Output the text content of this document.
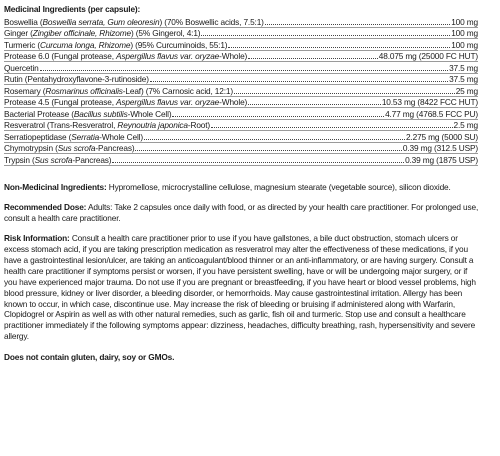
Medicinal Ingredients (per capsule):
Boswellia (Boswellia serrata, Gum oleoresin) (70% Boswellic acids, 7.5:1)	100 mg
Ginger (Zingiber officinale, Rhizome) (5% Gingerol, 4:1)	100 mg
Turmeric (Curcuma longa, Rhizome) (95% Curcuminoids, 55:1)	100 mg
Protease 6.0 (Fungal protease, Aspergillus flavus var. oryzae-Whole)	48.075 mg (25000 FC HUT)
Quercetin	37.5 mg
Rutin (Pentahydroxyflavone-3-rutinoside)	37.5 mg
Rosemary (Rosmarinus officinalis-Leaf) (7% Carnosic acid, 12:1)	25 mg
Protease 4.5 (Fungal protease, Aspergillus flavus var. oryzae-Whole)	10.53 mg (8422 FCC HUT)
Bacterial Protease (Bacillus subtilis-Whole Cell)	4.77 mg (4768.5 FCC PU)
Resveratrol (Trans-Resveratrol, Reynoutria japonica-Root)	2.5 mg
Serratiopeptidase (Serratia-Whole Cell)	2.275 mg (5000 SU)
Chymotrypsin (Sus scrofa-Pancreas)	0.39 mg (312.5 USP)
Trypsin (Sus scrofa-Pancreas)	0.39 mg (1875 USP)

Non-Medicinal Ingredients: Hypromellose, microcrystalline cellulose, magnesium stearate (vegetable source), silicon dioxide.

Recommended Dose: Adults: Take 2 capsules once daily with food, or as directed by your health care practitioner. For prolonged use, consult a health care practitioner.

Risk Information: Consult a health care practitioner prior to use if you have gallstones, a bile duct obstruction, stomach ulcers or excess stomach acid, if you are taking prescription medication as resveratrol may alter the effectiveness of these medications, if you have a gastrointestinal lesion/ulcer, are taking an anticoagulant/blood thinner or an anti-inflammatory, or are having surgery. Consult a health care practitioner if symptoms persist or worsen, if you have persistent swelling, have or will be undergoing major surgery, or if you have experienced major trauma. Do not use if you are pregnant or breastfeeding, if you have heart or blood vessel problems, high blood pressure, kidney or liver disorder, a bleeding disorder, or hemorrhoids. May cause gastrointestinal irritation. Allergy has been known to occur, in which case, discontinue use. May increase the risk of bleeding or bruising if administered along with Warfarin, Clopidogrel or Aspirin as well as with other natural remedies, such as garlic, fish oil and turmeric. Stop use and consult a healthcare practitioner immediately if the following symptoms appear: dizziness, headaches, difficulty breathing, rash, hypersensitivity and severe allergy.

Does not contain gluten, dairy, soy or GMOs.
